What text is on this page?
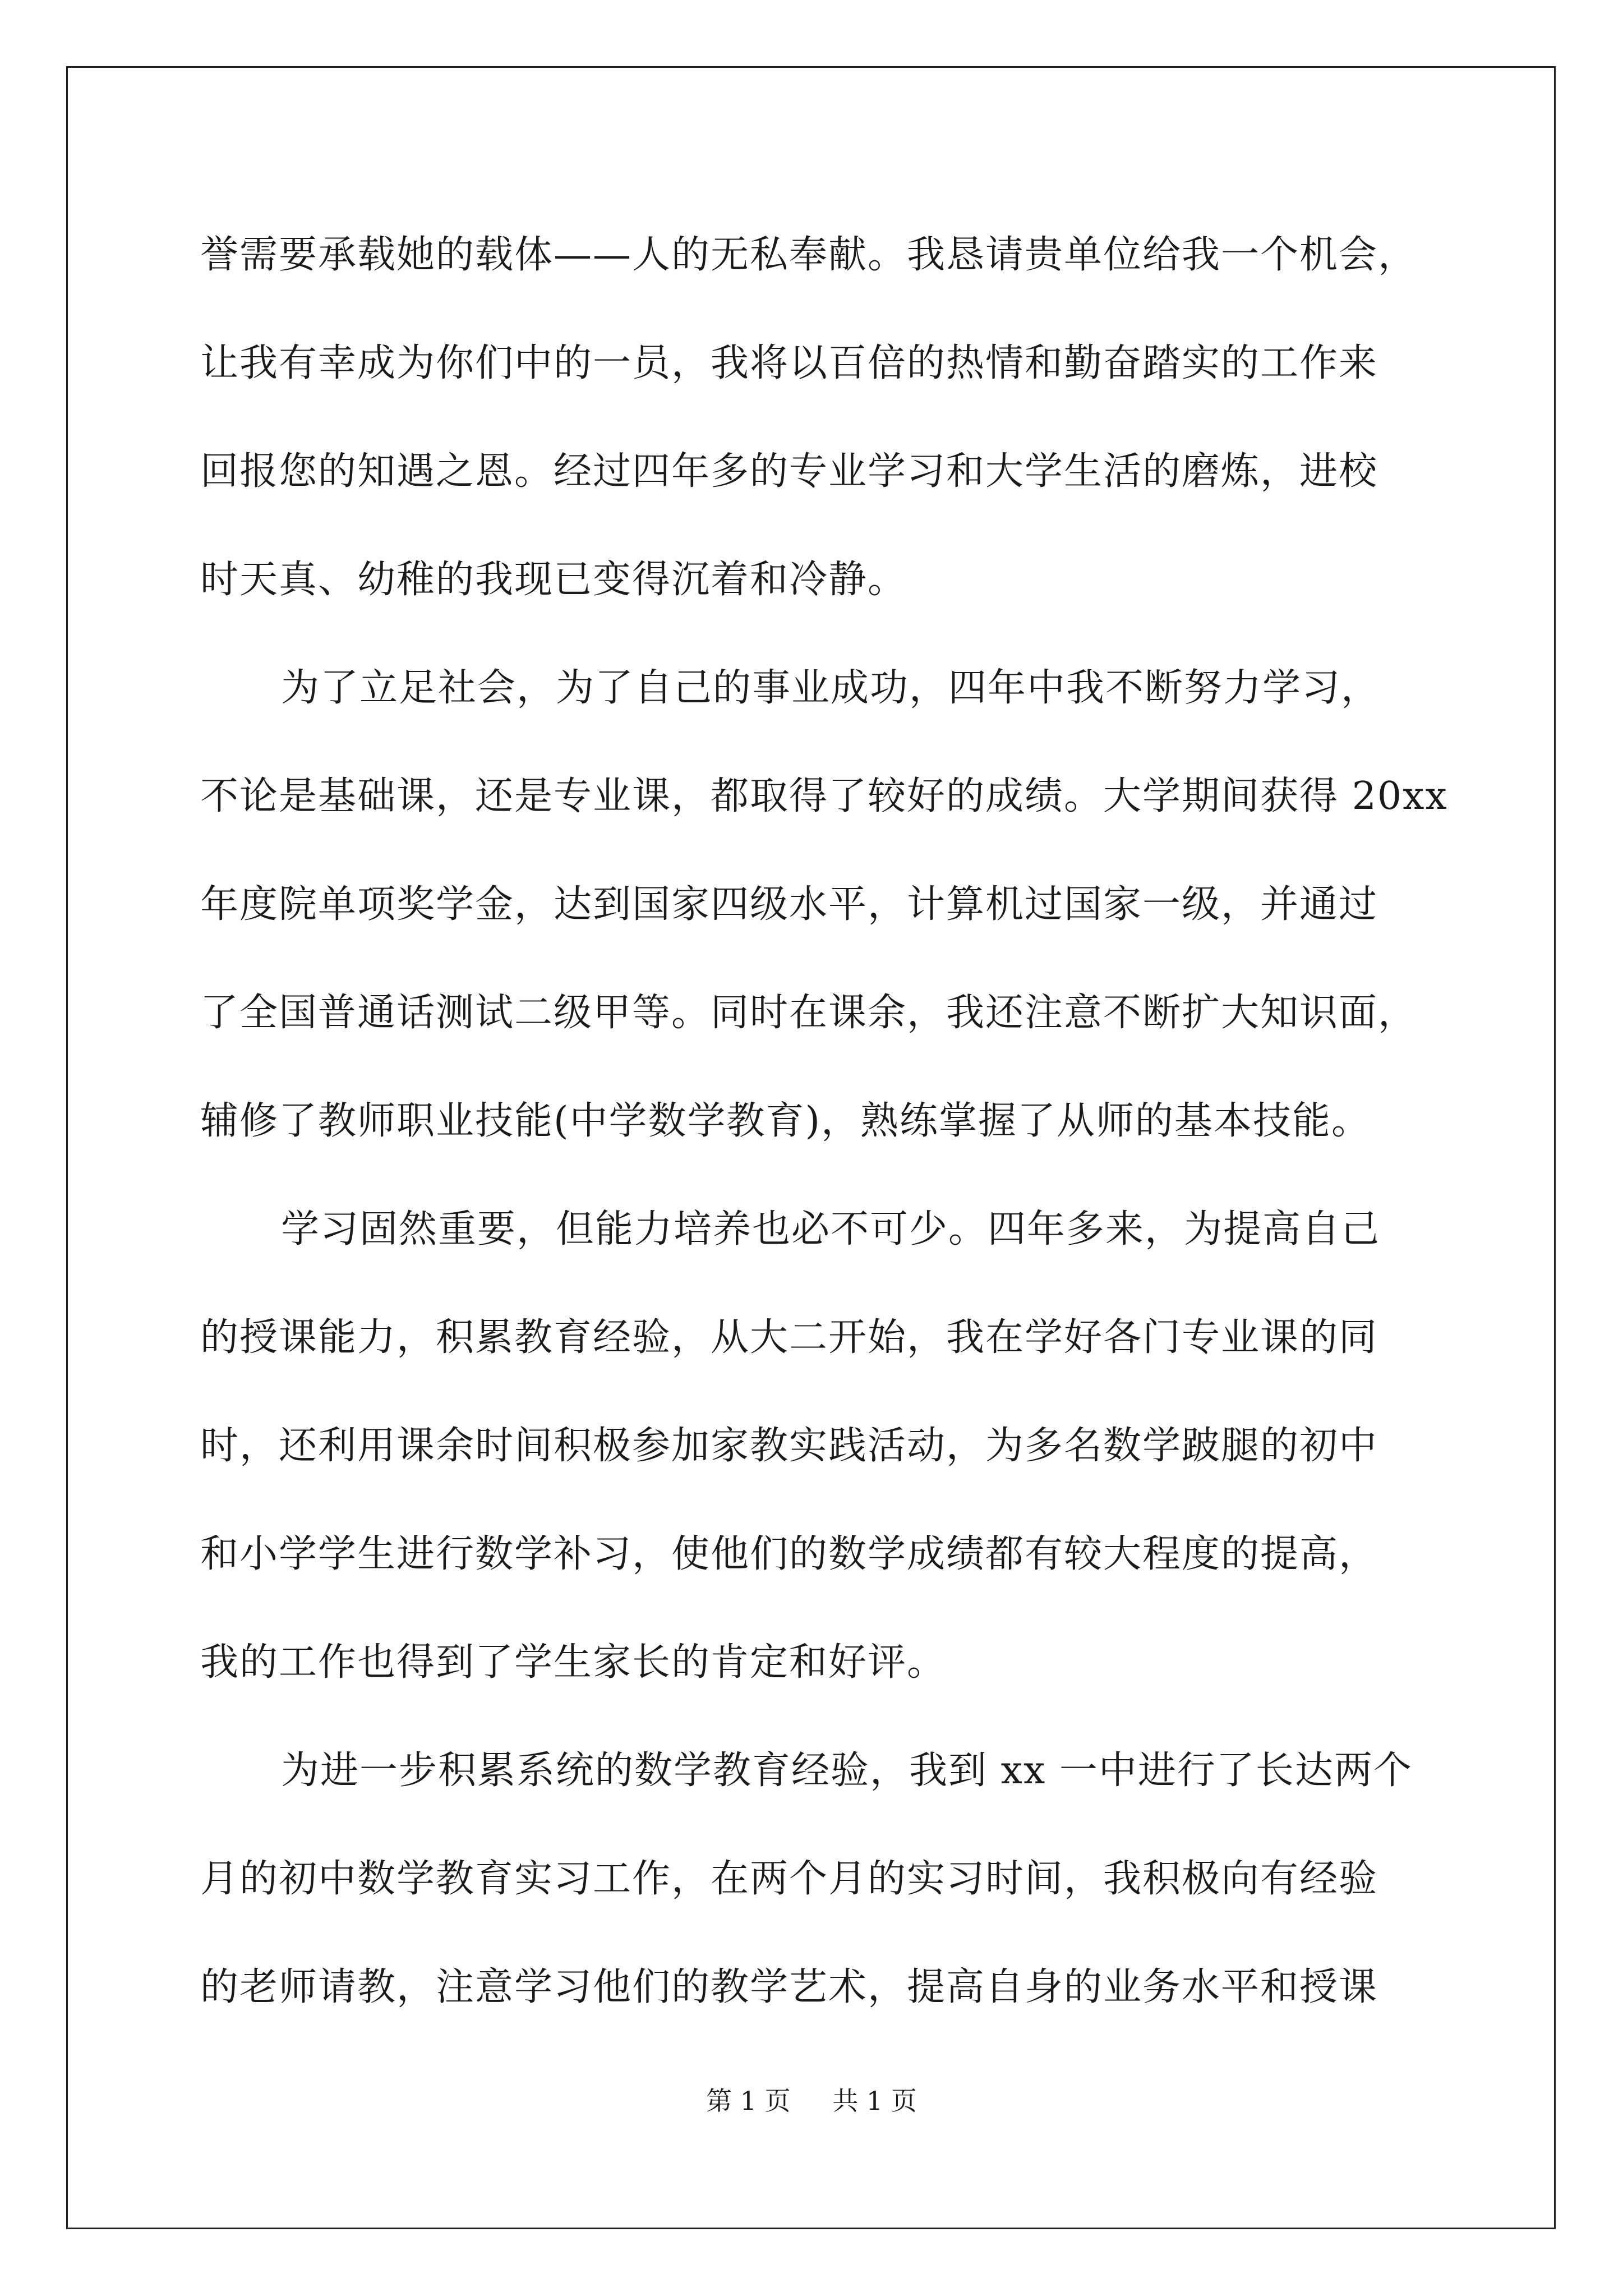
誉需要承载她的载体——人的无私奉献。我恳请贵单位给我一个机会，
让我有幸成为你们中的一员，我将以百倍的热情和勤奋踏实的工作来
回报您的知遇之恩。经过四年多的专业学习和大学生活的磨炼，进校
时天真、幼稚的我现已变得沉着和冷静。
为了立足社会，为了自己的事业成功，四年中我不断努力学习，
不论是基础课，还是专业课，都取得了较好的成绩。大学期间获得 20xx
年度院单项奖学金，达到国家四级水平，计算机过国家一级，并通过
了全国普通话测试二级甲等。同时在课余，我还注意不断扩大知识面，
辅修了教师职业技能(中学数学教育)，熟练掌握了从师的基本技能。
学习固然重要，但能力培养也必不可少。四年多来，为提高自己
的授课能力，积累教育经验，从大二开始，我在学好各门专业课的同
时，还利用课余时间积极参加家教实践活动，为多名数学跛腿的初中
和小学学生进行数学补习，使他们的数学成绩都有较大程度的提高，
我的工作也得到了学生家长的肯定和好评。
为进一步积累系统的数学教育经验，我到 xx 一中进行了长达两个
月的初中数学教育实习工作，在两个月的实习时间，我积极向有经验
的老师请教，注意学习他们的教学艺术，提高自身的业务水平和授课
第 1 页 共 1 页
